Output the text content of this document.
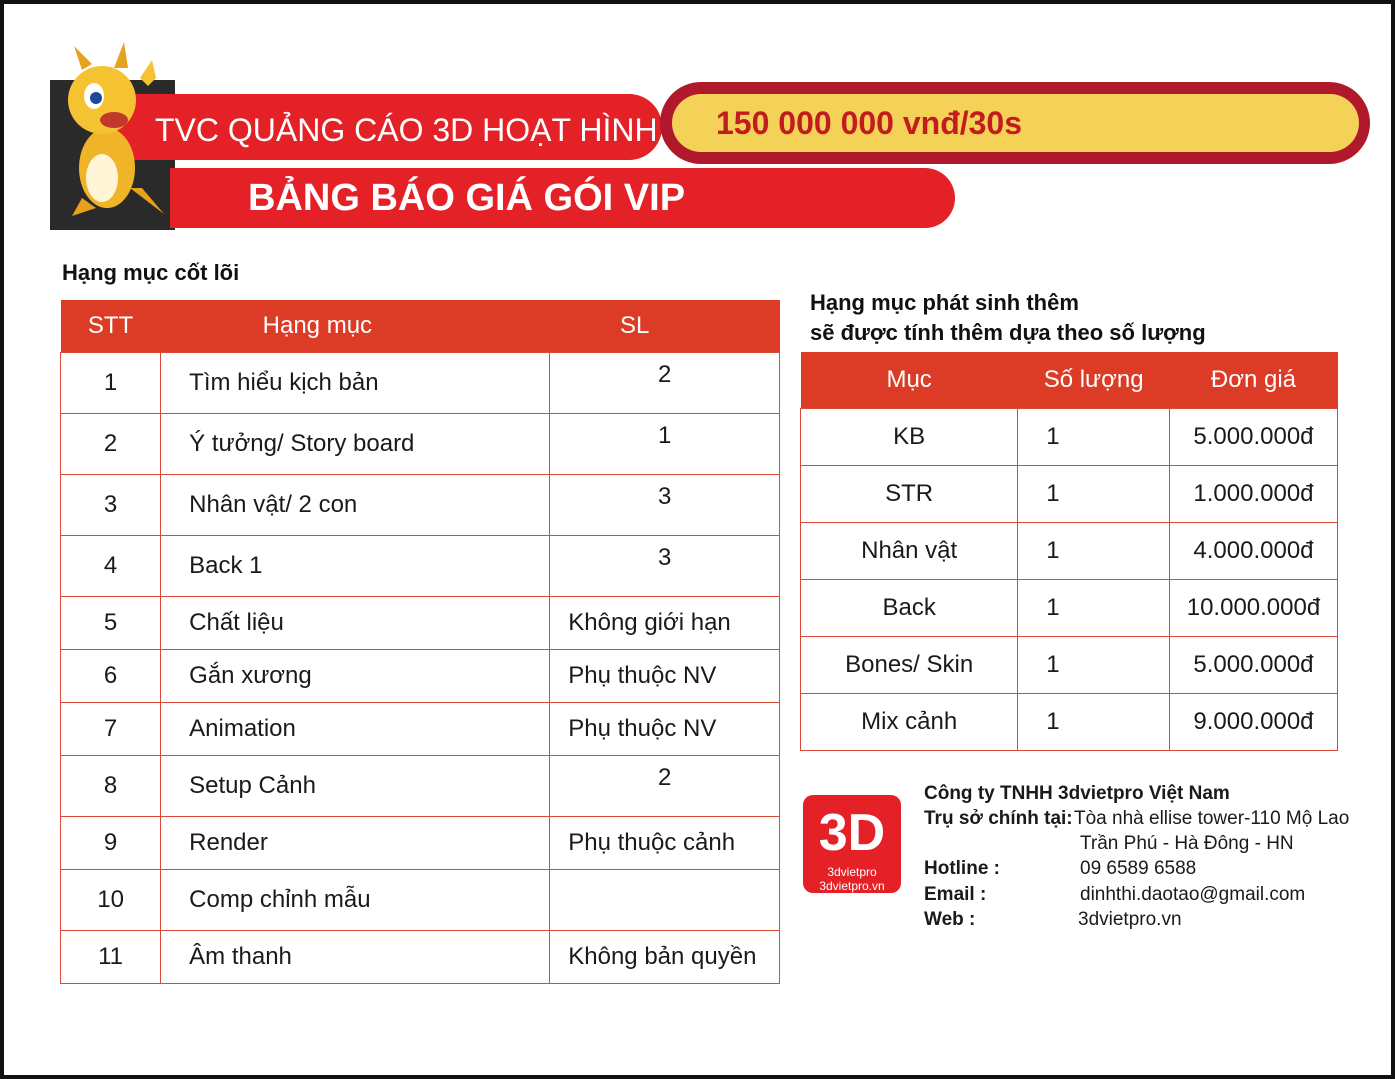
TVC QUẢNG CÁO 3D HOẠT HÌNH
BẢNG BÁO GIÁ GÓI VIP
150 000 000 vnđ/30s
Hạng mục cốt lõi
STT	Hạng mục	SL
1	Tìm hiểu kịch bản	2
2	Ý tưởng/ Story board	1
3	Nhân vật/ 2 con	3
4	Back 1	3
5	Chất liệu	Không giới hạn
6	Gắn xương	Phụ thuộc NV
7	Animation	Phụ thuộc NV
8	Setup Cảnh	2
9	Render	Phụ thuộc cảnh
10	Comp chỉnh mẫu	
11	Âm thanh	Không bản quyền
Hạng mục phát sinh thêm
sẽ được tính thêm dựa theo số lượng
Mục	Số lượng	Đơn giá
KB	1	5.000.000đ
STR	1	1.000.000đ
Nhân vật	1	4.000.000đ
Back	1	10.000.000đ
Bones/ Skin	1	5.000.000đ
Mix cảnh	1	9.000.000đ
3D
3dvietpro
3dvietpro.vn
Công ty TNHH 3dvietpro Việt Nam
Trụ sở chính tại: Tòa nhà ellise tower-110 Mộ Lao
Trần Phú - Hà Đông - HN
Hotline :	09 6589 6588
Email :	dinhthi.daotao@gmail.com
Web :	3dvietpro.vn
